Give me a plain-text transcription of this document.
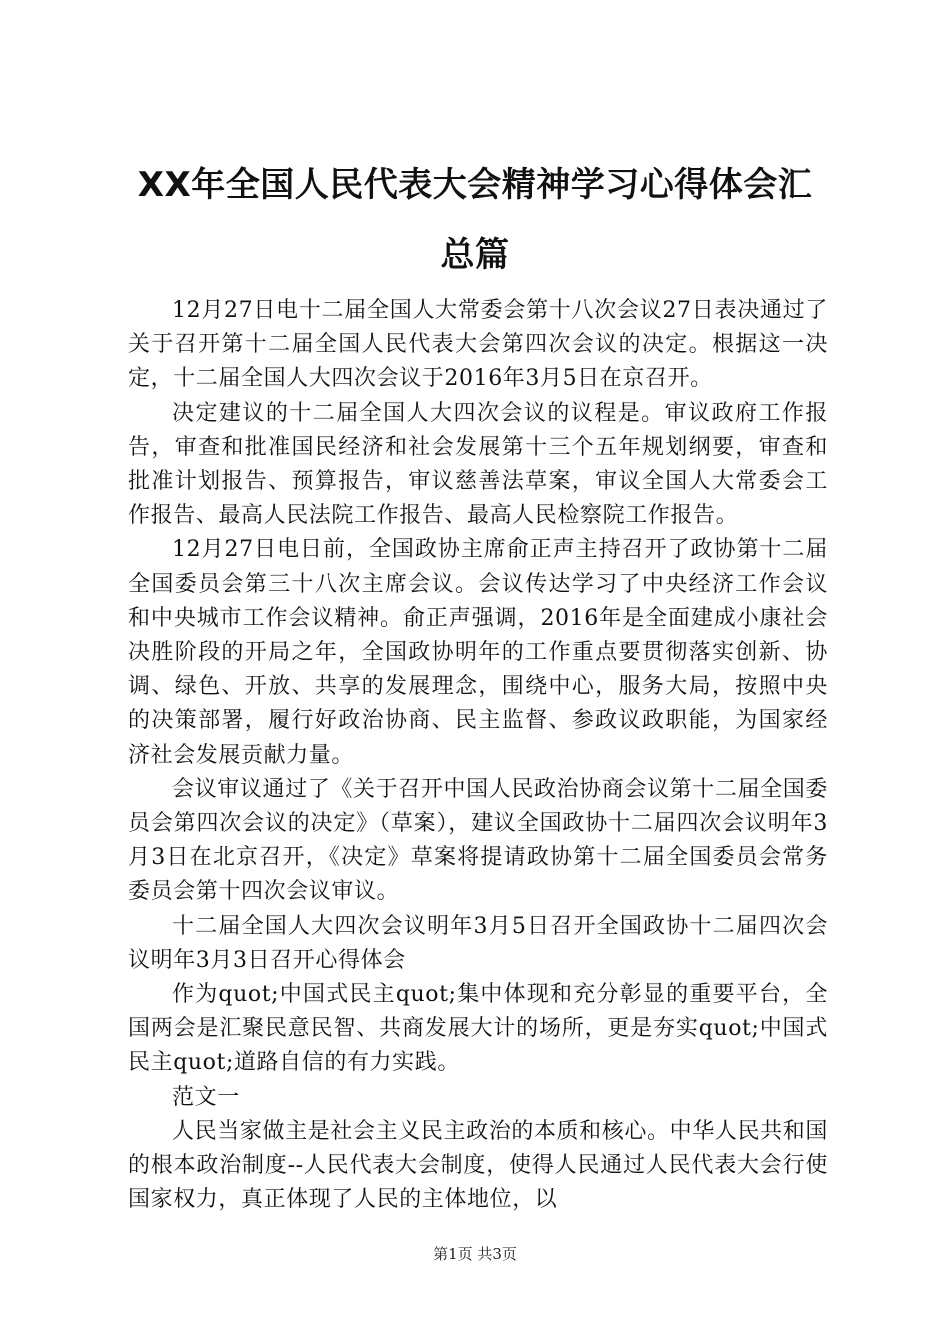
XX年全国人民代表大会精神学习心得体会汇
总篇

12月27日电十二届全国人大常委会第十八次会议27日表决通过了关于召开第十二届全国人民代表大会第四次会议的决定。根据这一决定，十二届全国人大四次会议于2016年3月5日在京召开。

决定建议的十二届全国人大四次会议的议程是。审议政府工作报告，审查和批准国民经济和社会发展第十三个五年规划纲要，审查和批准计划报告、预算报告，审议慈善法草案，审议全国人大常委会工作报告、最高人民法院工作报告、最高人民检察院工作报告。

12月27日电日前，全国政协主席俞正声主持召开了政协第十二届全国委员会第三十八次主席会议。会议传达学习了中央经济工作会议和中央城市工作会议精神。俞正声强调，2016年是全面建成小康社会决胜阶段的开局之年，全国政协明年的工作重点要贯彻落实创新、协调、绿色、开放、共享的发展理念，围绕中心，服务大局，按照中央的决策部署，履行好政治协商、民主监督、参政议政职能，为国家经济社会发展贡献力量。

会议审议通过了《关于召开中国人民政治协商会议第十二届全国委员会第四次会议的决定》（草案），建议全国政协十二届四次会议明年3月3日在北京召开，《决定》草案将提请政协第十二届全国委员会常务委员会第十四次会议审议。

十二届全国人大四次会议明年3月5日召开全国政协十二届四次会议明年3月3日召开心得体会

作为quot;中国式民主quot;集中体现和充分彰显的重要平台，全国两会是汇聚民意民智、共商发展大计的场所，更是夯实quot;中国式民主quot;道路自信的有力实践。

范文一

人民当家做主是社会主义民主政治的本质和核心。中华人民共和国的根本政治制度--人民代表大会制度，使得人民通过人民代表大会行使国家权力，真正体现了人民的主体地位，以

第1页 共3页
